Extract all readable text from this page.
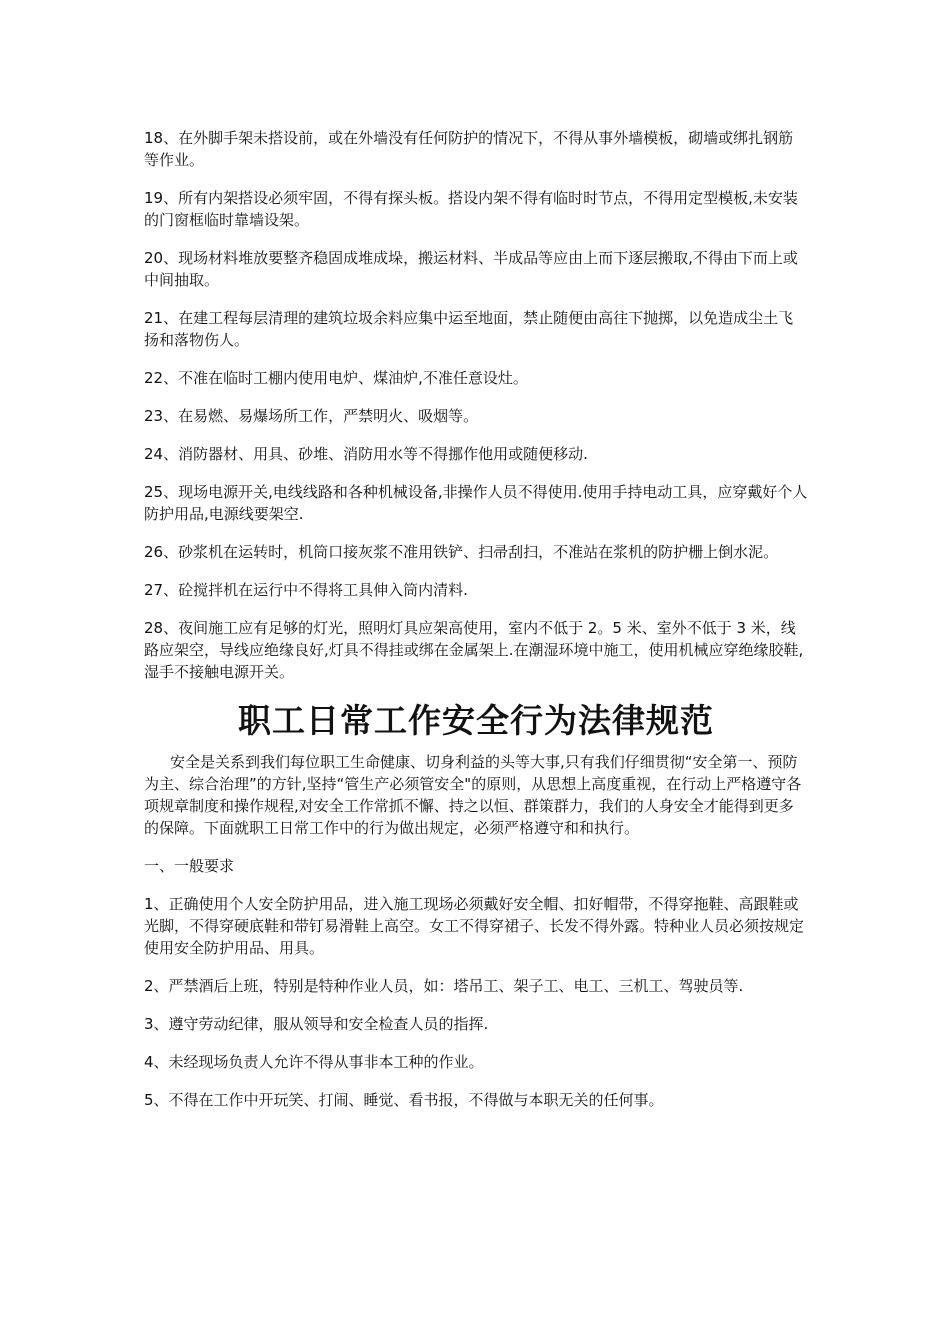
18、在外脚手架未搭设前，或在外墙没有任何防护的情况下，不得从事外墙模板，砌墙或绑扎钢筋等作业。

19、所有内架搭设必须牢固，不得有探头板。搭设内架不得有临时时节点，不得用定型模板,未安装的门窗框临时靠墙设架。

20、现场材料堆放要整齐稳固成堆成垛，搬运材料、半成品等应由上而下逐层搬取,不得由下而上或中间抽取。

21、在建工程每层清理的建筑垃圾余料应集中运至地面，禁止随便由高往下抛掷，以免造成尘土飞扬和落物伤人。

22、不准在临时工棚内使用电炉、煤油炉,不准任意设灶。

23、在易燃、易爆场所工作，严禁明火、吸烟等。

24、消防器材、用具、砂堆、消防用水等不得挪作他用或随便移动.

25、现场电源开关,电线线路和各种机械设备,非操作人员不得使用.使用手持电动工具，应穿戴好个人防护用品,电源线要架空.

26、砂浆机在运转时，机筒口接灰浆不准用铁铲、扫帚刮扫，不准站在浆机的防护栅上倒水泥。

27、砼搅拌机在运行中不得将工具伸入筒内清料.

28、夜间施工应有足够的灯光，照明灯具应架高使用，室内不低于 2。5 米、室外不低于 3 米，线路应架空，导线应绝缘良好,灯具不得挂或绑在金属架上.在潮湿环境中施工，使用机械应穿绝缘胶鞋,湿手不接触电源开关。

职工日常工作安全行为法律规范

安全是关系到我们每位职工生命健康、切身利益的头等大事,只有我们仔细贯彻“安全第一、预防为主、综合治理”的方针,坚持“管生产必须管安全"的原则，从思想上高度重视，在行动上严格遵守各项规章制度和操作规程,对安全工作常抓不懈、持之以恒、群策群力，我们的人身安全才能得到更多的保障。下面就职工日常工作中的行为做出规定，必须严格遵守和和执行。

一、一般要求

1、正确使用个人安全防护用品，进入施工现场必须戴好安全帽、扣好帽带，不得穿拖鞋、高跟鞋或光脚，不得穿硬底鞋和带钉易滑鞋上高空。女工不得穿裙子、长发不得外露。特种业人员必须按规定使用安全防护用品、用具。

2、严禁酒后上班，特别是特种作业人员，如：塔吊工、架子工、电工、三机工、驾驶员等.

3、遵守劳动纪律，服从领导和安全检查人员的指挥.

4、未经现场负责人允许不得从事非本工种的作业。

5、不得在工作中开玩笑、打闹、睡觉、看书报，不得做与本职无关的任何事。
